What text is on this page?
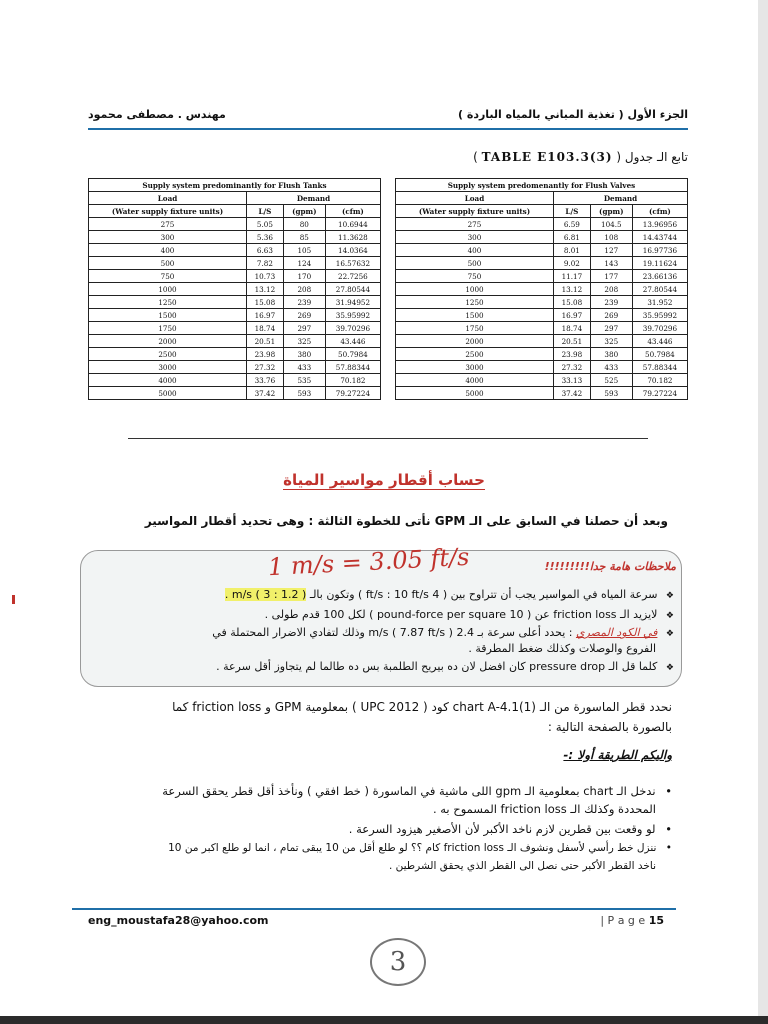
الجزء الأول ( تغذية المباني بالمياه الباردة )
مهندس . مصطفى محمود
تابع الـ جدول ( TABLE E103.3(3) )
Supply system predominantly for Flush Tanks					Supply system predomenantly for Flush Valves			
Load	Demand				Load	Demand		
(Water supply fixture units)	L/S	(gpm)	(cfm)		(Water supply fixture units)	L/S	(gpm)	(cfm)
275	5.05	80	10.6944		275	6.59	104.5	13.96956
300	5.36	85	11.3628		300	6.81	108	14.43744
400	6.63	105	14.0364		400	8.01	127	16.97736
500	7.82	124	16.57632		500	9.02	143	19.11624
750	10.73	170	22.7256		750	11.17	177	23.66136
1000	13.12	208	27.80544		1000	13.12	208	27.80544
1250	15.08	239	31.94952		1250	15.08	239	31.952
1500	16.97	269	35.95992		1500	16.97	269	35.95992
1750	18.74	297	39.70296		1750	18.74	297	39.70296
2000	20.51	325	43.446		2000	20.51	325	43.446
2500	23.98	380	50.7984		2500	23.98	380	50.7984
3000	27.32	433	57.88344		3000	27.32	433	57.88344
4000	33.76	535	70.182		4000	33.13	525	70.182
5000	37.42	593	79.27224		5000	37.42	593	79.27224
حساب أقطار مواسير المياة
وبعد أن حصلنا في السابق على الـ GPM نأتى للخطوة الثالثة : وهى تحديد أقطار المواسير
ملاحظات هامة جدا!!!!!!!!!
1 m/s = 3.05 ft/s
❖ سرعة المياه في المواسير يجب أن تتراوح بين ( 4 ft/s : 10 ft/s ) وتكون بالـ ( 1.2 : 3 ) m/s .
❖ لايزيد الـ friction loss عن ( 10 pound-force per square ) لكل 100 قدم طولى .
❖ في الكود المصري : يحدد أعلى سرعة بـ 2.4 m/s ( 7.87 ft/s ) وذلك لتفادي الاضرار المحتملة في
الفروع والوصلات وكذلك ضغط المطرقة .
❖ كلما قل الـ pressure drop كان افضل لان ده بيريح الطلمبة بس ده طالما لم يتجاوز أقل سرعة .
نحدد قطر الماسورة من الـ chart A-4.1(1) كود ( UPC 2012 ) بمعلومية GPM و friction loss كما
بالصورة بالصفحة التالية :
واليكم الطريقة أولا :-
• ندخل الـ chart بمعلومية الـ gpm اللى ماشية في الماسورة ( خط افقي ) ونأخذ أقل قطر يحقق السرعة
المحددة وكذلك الـ friction loss المسموح به .
• لو وقعت بين قطرين لازم ناخد الأكبر لأن الأصغير هيزود السرعة .
• ننزل خط رأسي لأسفل ونشوف الـ friction loss كام ؟؟ لو طلع أقل من 10 يبقى تمام ، انما لو طلع اكبر من 10
ناخد القطر الأكبر حتى نصل الى القطر الذي يحقق الشرطين .
eng_moustafa28@yahoo.com	| P a g e 15
3
